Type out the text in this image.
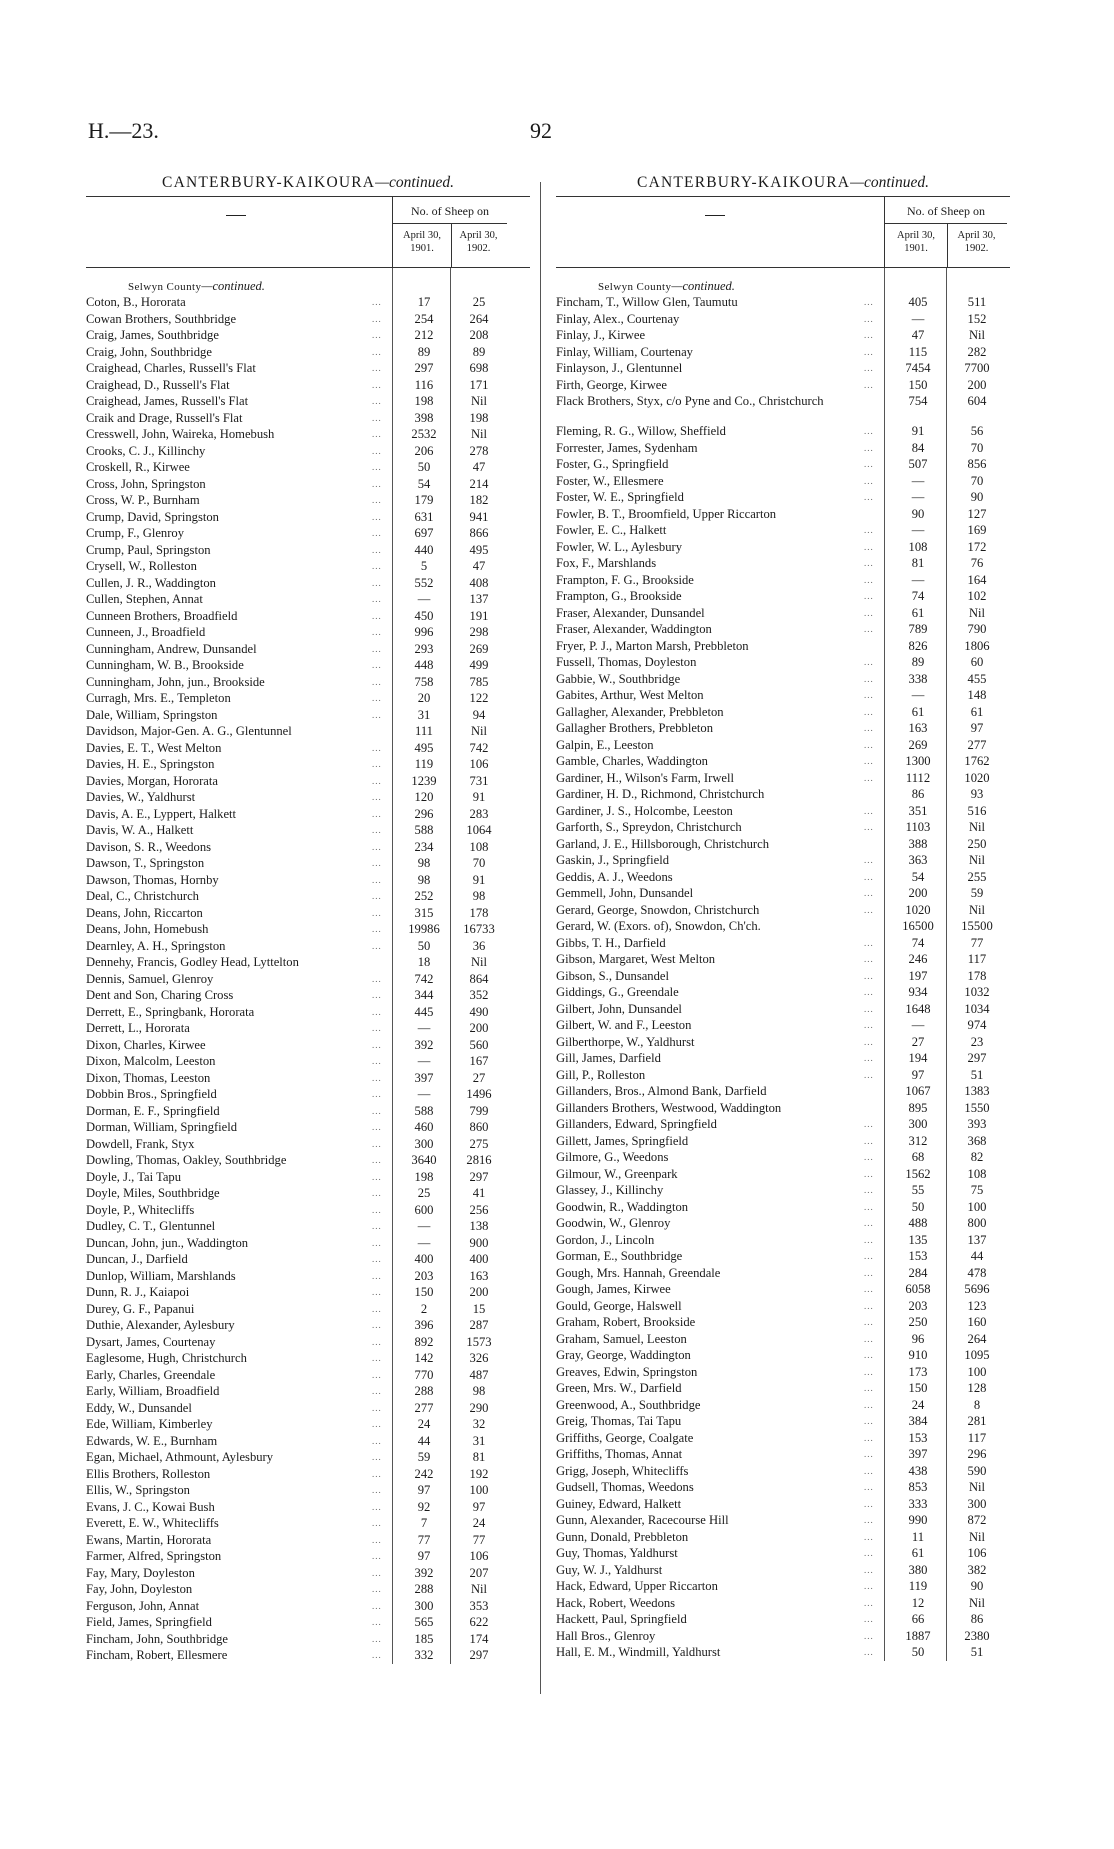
H.—23.	92
CANTERBURY-KAIKOURA—continued.
No. of Sheep on
April 30, 1901.
April 30, 1902.
Selwyn County—continued.
Coton, B., Hororata	...	17	25
Cowan Brothers, Southbridge	...	254	264
Craig, James, Southbridge	...	212	208
Craig, John, Southbridge	...	89	89
Craighead, Charles, Russell's Flat	...	297	698
Craighead, D., Russell's Flat	...	116	171
Craighead, James, Russell's Flat	...	198	Nil
Craik and Drage, Russell's Flat	...	398	198
Cresswell, John, Waireka, Homebush	...	2532	Nil
Crooks, C. J., Killinchy	...	206	278
Croskell, R., Kirwee	...	50	47
Cross, John, Springston	...	54	214
Cross, W. P., Burnham	...	179	182
Crump, David, Springston	...	631	941
Crump, F., Glenroy	...	697	866
Crump, Paul, Springston	...	440	495
Crysell, W., Rolleston	...	5	47
Cullen, J. R., Waddington	...	552	408
Cullen, Stephen, Annat	...	—	137
Cunneen Brothers, Broadfield	...	450	191
Cunneen, J., Broadfield	...	996	298
Cunningham, Andrew, Dunsandel	...	293	269
Cunningham, W. B., Brookside	...	448	499
Cunningham, John, jun., Brookside	...	758	785
Curragh, Mrs. E., Templeton	...	20	122
Dale, William, Springston	...	31	94
Davidson, Major-Gen. A. G., Glentunnel	111	Nil
Davies, E. T., West Melton	...	495	742
Davies, H. E., Springston	...	119	106
Davies, Morgan, Hororata	...	1239	731
Davies, W., Yaldhurst	...	120	91
Davis, A. E., Lyppert, Halkett	...	296	283
Davis, W. A., Halkett	...	588	1064
Davison, S. R., Weedons	...	234	108
Dawson, T., Springston	...	98	70
Dawson, Thomas, Hornby	...	98	91
Deal, C., Christchurch	...	252	98
Deans, John, Riccarton	...	315	178
Deans, John, Homebush	...	19986	16733
Dearnley, A. H., Springston	...	50	36
Dennehy, Francis, Godley Head, Lyttelton	18	Nil
Dennis, Samuel, Glenroy	...	742	864
Dent and Son, Charing Cross	...	344	352
Derrett, E., Springbank, Hororata	...	445	490
Derrett, L., Hororata	...	—	200
Dixon, Charles, Kirwee	...	392	560
Dixon, Malcolm, Leeston	...	—	167
Dixon, Thomas, Leeston	...	397	27
Dobbin Bros., Springfield	...	—	1496
Dorman, E. F., Springfield	...	588	799
Dorman, William, Springfield	...	460	860
Dowdell, Frank, Styx	...	300	275
Dowling, Thomas, Oakley, Southbridge	...	3640	2816
Doyle, J., Tai Tapu	...	198	297
Doyle, Miles, Southbridge	...	25	41
Doyle, P., Whitecliffs	...	600	256
Dudley, C. T., Glentunnel	...	—	138
Duncan, John, jun., Waddington	...	—	900
Duncan, J., Darfield	...	400	400
Dunlop, William, Marshlands	...	203	163
Dunn, R. J., Kaiapoi	...	150	200
Durey, G. F., Papanui	...	2	15
Duthie, Alexander, Aylesbury	...	396	287
Dysart, James, Courtenay	...	892	1573
Eaglesome, Hugh, Christchurch	...	142	326
Early, Charles, Greendale	...	770	487
Early, William, Broadfield	...	288	98
Eddy, W., Dunsandel	...	277	290
Ede, William, Kimberley	...	24	32
Edwards, W. E., Burnham	...	44	31
Egan, Michael, Athmount, Aylesbury	...	59	81
Ellis Brothers, Rolleston	...	242	192
Ellis, W., Springston	...	97	100
Evans, J. C., Kowai Bush	...	92	97
Everett, E. W., Whitecliffs	...	7	24
Ewans, Martin, Hororata	...	77	77
Farmer, Alfred, Springston	...	97	106
Fay, Mary, Doyleston	...	392	207
Fay, John, Doyleston	...	288	Nil
Ferguson, John, Annat	...	300	353
Field, James, Springfield	...	565	622
Fincham, John, Southbridge	...	185	174
Fincham, Robert, Ellesmere	...	332	297
CANTERBURY-KAIKOURA—continued.
No. of Sheep on
April 30, 1901.
April 30, 1902.
Selwyn County—continued.
Fincham, T., Willow Glen, Taumutu	...	405	511
Finlay, Alex., Courtenay	...	—	152
Finlay, J., Kirwee	...	47	Nil
Finlay, William, Courtenay	...	115	282
Finlayson, J., Glentunnel	...	7454	7700
Firth, George, Kirwee	...	150	200
Flack Brothers, Styx, c/o Pyne and Co., Christchurch	754	604
Fleming, R. G., Willow, Sheffield	...	91	56
Forrester, James, Sydenham	...	84	70
Foster, G., Springfield	...	507	856
Foster, W., Ellesmere	...	—	70
Foster, W. E., Springfield	...	—	90
Fowler, B. T., Broomfield, Upper Riccarton	90	127
Fowler, E. C., Halkett	...	—	169
Fowler, W. L., Aylesbury	...	108	172
Fox, F., Marshlands	...	81	76
Frampton, F. G., Brookside	...	—	164
Frampton, G., Brookside	...	74	102
Fraser, Alexander, Dunsandel	...	61	Nil
Fraser, Alexander, Waddington	...	789	790
Fryer, P. J., Marton Marsh, Prebbleton	826	1806
Fussell, Thomas, Doyleston	...	89	60
Gabbie, W., Southbridge	...	338	455
Gabites, Arthur, West Melton	...	—	148
Gallagher, Alexander, Prebbleton	...	61	61
Gallagher Brothers, Prebbleton	...	163	97
Galpin, E., Leeston	...	269	277
Gamble, Charles, Waddington	...	1300	1762
Gardiner, H., Wilson's Farm, Irwell	...	1112	1020
Gardiner, H. D., Richmond, Christchurch	86	93
Gardiner, J. S., Holcombe, Leeston	...	351	516
Garforth, S., Spreydon, Christchurch	...	1103	Nil
Garland, J. E., Hillsborough, Christchurch	388	250
Gaskin, J., Springfield	...	363	Nil
Geddis, A. J., Weedons	...	54	255
Gemmell, John, Dunsandel	...	200	59
Gerard, George, Snowdon, Christchurch	...	1020	Nil
Gerard, W. (Exors. of), Snowdon, Ch'ch.	16500	15500
Gibbs, T. H., Darfield	...	74	77
Gibson, Margaret, West Melton	...	246	117
Gibson, S., Dunsandel	...	197	178
Giddings, G., Greendale	...	934	1032
Gilbert, John, Dunsandel	...	1648	1034
Gilbert, W. and F., Leeston	...	—	974
Gilberthorpe, W., Yaldhurst	...	27	23
Gill, James, Darfield	...	194	297
Gill, P., Rolleston	...	97	51
Gillanders, Bros., Almond Bank, Darfield	1067	1383
Gillanders Brothers, Westwood, Waddington	895	1550
Gillanders, Edward, Springfield	...	300	393
Gillett, James, Springfield	...	312	368
Gilmore, G., Weedons	...	68	82
Gilmour, W., Greenpark	...	1562	108
Glassey, J., Killinchy	...	55	75
Goodwin, R., Waddington	...	50	100
Goodwin, W., Glenroy	...	488	800
Gordon, J., Lincoln	...	135	137
Gorman, E., Southbridge	...	153	44
Gough, Mrs. Hannah, Greendale	...	284	478
Gough, James, Kirwee	...	6058	5696
Gould, George, Halswell	...	203	123
Graham, Robert, Brookside	...	250	160
Graham, Samuel, Leeston	...	96	264
Gray, George, Waddington	...	910	1095
Greaves, Edwin, Springston	...	173	100
Green, Mrs. W., Darfield	...	150	128
Greenwood, A., Southbridge	...	24	8
Greig, Thomas, Tai Tapu	...	384	281
Griffiths, George, Coalgate	...	153	117
Griffiths, Thomas, Annat	...	397	296
Grigg, Joseph, Whitecliffs	...	438	590
Gudsell, Thomas, Weedons	...	853	Nil
Guiney, Edward, Halkett	...	333	300
Gunn, Alexander, Racecourse Hill	...	990	872
Gunn, Donald, Prebbleton	...	11	Nil
Guy, Thomas, Yaldhurst	...	61	106
Guy, W. J., Yaldhurst	...	380	382
Hack, Edward, Upper Riccarton	...	119	90
Hack, Robert, Weedons	...	12	Nil
Hackett, Paul, Springfield	...	66	86
Hall Bros., Glenroy	...	1887	2380
Hall, E. M., Windmill, Yaldhurst	...	50	51
